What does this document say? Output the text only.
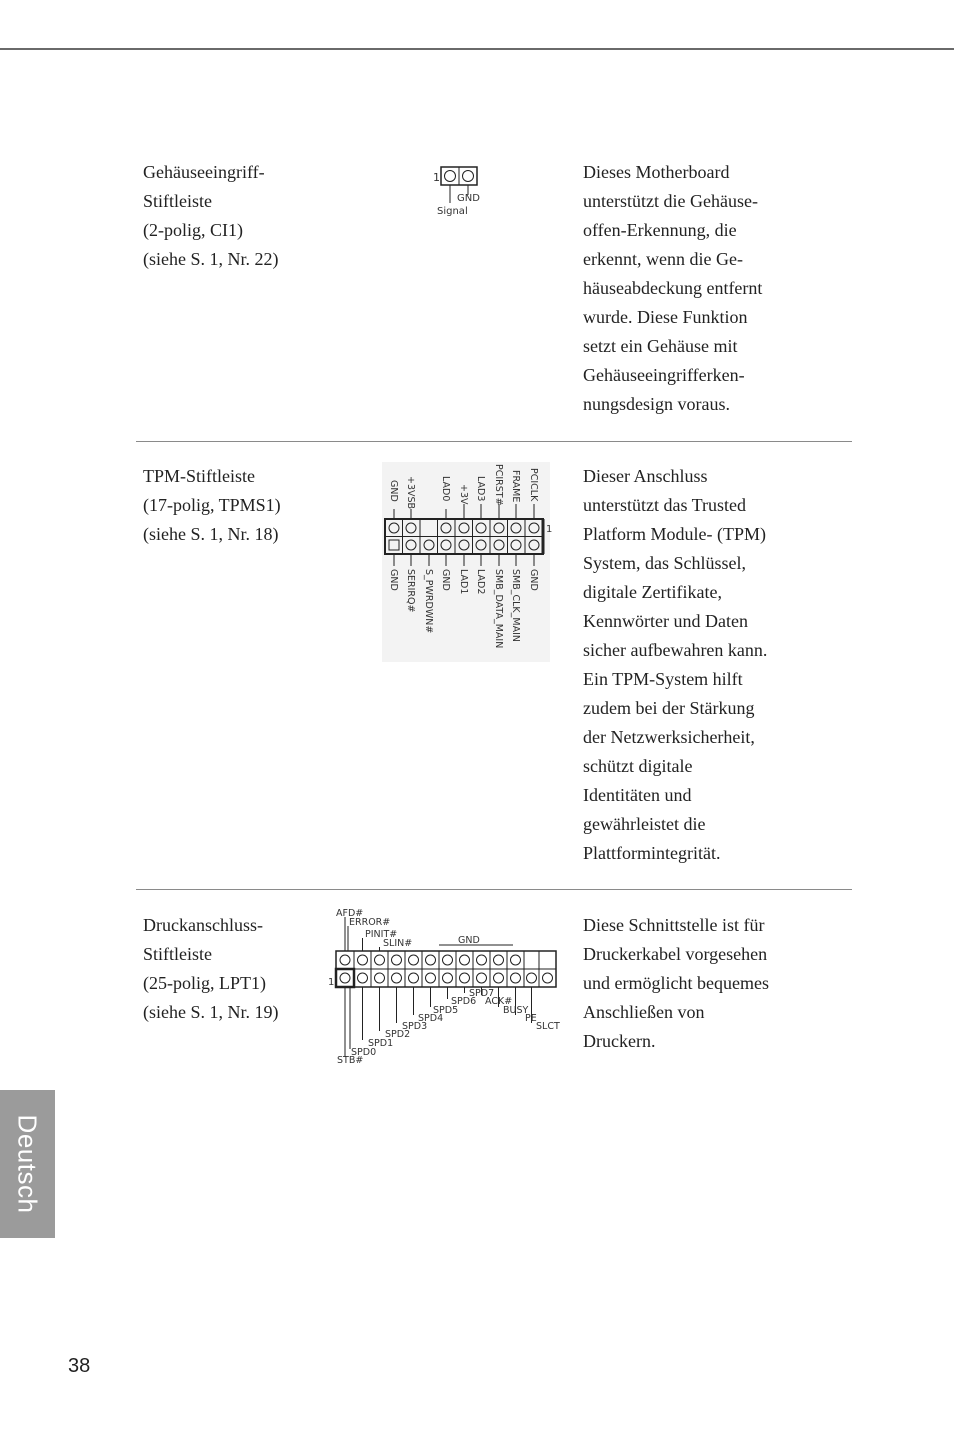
Gehäuseeingriff-
Stiftleiste
(2-polig, CI1)
(siehe S. 1, Nr. 22)
1
GND
Signal
Dieses Motherboard
unterstützt die Gehäuse-
offen-Erkennung, die
erkennt, wenn die Ge-
häuseabdeckung entfernt
wurde. Diese Funktion
setzt ein Gehäuse mit
Gehäuseeingrifferken-
nungsdesign voraus.
TPM-Stiftleiste
(17-polig, TPMS1)
(siehe S. 1, Nr. 18)	1
GND +3VSB	LAD0 +3V LAD3 PCIRST# FRAME PCICLK
GND SERIRQ# S_PWRDWN# GND LAD1 LAD2 SMB_DATA_MAIN SMB_CLK_MAIN GND
Dieser Anschluss
unterstützt das Trusted
Platform Module- (TPM)
System, das Schlüssel,
digitale Zertifikate,
Kennwörter und Daten
sicher aufbewahren kann.
Ein TPM-System hilft
zudem bei der Stärkung
der Netzwerksicherheit,
schützt digitale
Identitäten und
gewährleistet die
Plattformintegrität.
Druckanschluss-
Stiftleiste
(25-polig, LPT1)
(siehe S. 1, Nr. 19)
1
AFD#
ERROR#
PINIT#
SLIN#	GND
STB#
SPD0
SPD1
SPD2
SPD3
SPD4
SPD5
SPD6
SPD7
ACK#
BUSY
PE
SLCT
Diese Schnittstelle ist für
Druckerkabel vorgesehen
und ermöglicht bequemes
Anschließen von
Druckern.
Deutsch
38
